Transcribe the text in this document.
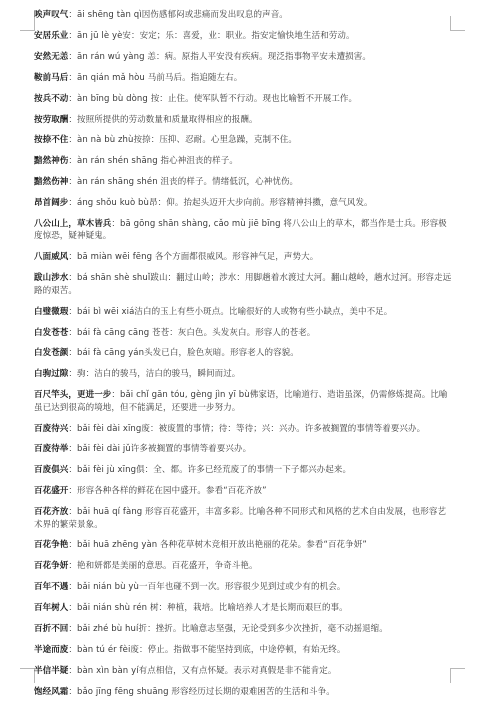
唉声叹气：āi shēng tàn qì因伤感郁闷或悲痛而发出叹息的声音。
安居乐业：ān jū lè yè安：安定；乐：喜爱，业：职业。指安定愉快地生活和劳动。
安然无恙：ān rán wú yàng 恙：病。原指人平安没有疾病。现泛指事物平安未遭损害。
鞍前马后：ān qián mǎ hòu 马前马后。指追随左右。
按兵不动：àn bīng bù dòng 按：止住。使军队暂不行动。现也比喻暂不开展工作。
按劳取酬：按照所提供的劳动数量和质量取得相应的报酬。
按捺不住：àn nà bù zhù按捺：压抑、忍耐。心里急躁，克制不住。
黯然神伤：àn rán shén shāng 指心神沮丧的样子。
黯然伤神：àn rán shāng shén 沮丧的样子。情绪低沉，心神忧伤。
昂首阔步：áng shǒu kuò bù昂：仰。抬起头迈开大步向前。形容精神抖擞，意气风发。
八公山上，草木皆兵：bā gōng shān shàng, cǎo mù jiē bīng 将八公山上的草木，都当作是士兵。形容极度惊恐，疑神疑鬼。
八面威风：bā miàn wēi fēng 各个方面都很威风。形容神气足，声势大。
跋山涉水：bá shān shè shuǐ跋山：翻过山岭；涉水：用脚趟着水渡过大河。翻山越岭，趟水过河。形容走远路的艰苦。
白璧微瑕：bái bì wēi xiá洁白的玉上有些小斑点。比喻很好的人或物有些小缺点，美中不足。
白发苍苍：bái fà cāng cāng 苍苍：灰白色。头发灰白。形容人的苍老。
白发苍颜：bái fà cāng yán头发已白，脸色灰暗。形容老人的容貌。
白驹过隙：驹：洁白的骏马，洁白的骏马，瞬间而过。
百尺竿头，更进一步：bǎi chǐ gān tóu, gèng jìn yī bù佛家语，比喻道行、造诣虽深，仍需修炼提高。比喻虽已达到很高的境地，但不能满足，还要进一步努力。
百废待兴：bǎi fèi dài xīng废：被废置的事情；待：等待；兴：兴办。许多被搁置的事情等着要兴办。
百废待举：bǎi fèi dài jǔ许多被搁置的事情等着要兴办。
百废俱兴：bǎi fèi jù xīng俱：全、都。许多已经荒废了的事情一下子都兴办起来。
百花盛开：形容各种各样的鲜花在园中盛开。参看“百花齐放”
百花齐放：bǎi huā qí fàng 形容百花盛开，丰富多彩。比喻各种不同形式和风格的艺术自由发展，也形容艺术界的繁荣景象。
百花争艳：bǎi huā zhēng yàn 各种花草树木竞相开放出艳丽的花朵。参看“百花争妍”
百花争妍：艳和妍都是美丽的意思。百花盛开，争奇斗艳。
百年不遇：bǎi nián bù yù一百年也碰不到一次。形容很少见到过或少有的机会。
百年树人：bǎi nián shù rén 树：种植，栽培。比喻培养人才是长期而艰巨的事。
百折不回：bǎi zhé bù huí折：挫折。比喻意志坚强，无论受到多少次挫折，毫不动摇退缩。
半途而废：bàn tú ér fèi废：停止。指做事不能坚持到底，中途停顿，有始无终。
半信半疑：bàn xìn bàn yí有点相信，又有点怀疑。表示对真假是非不能肯定。
饱经风霜：bǎo jīng fēng shuāng 形容经历过长期的艰难困苦的生活和斗争。
